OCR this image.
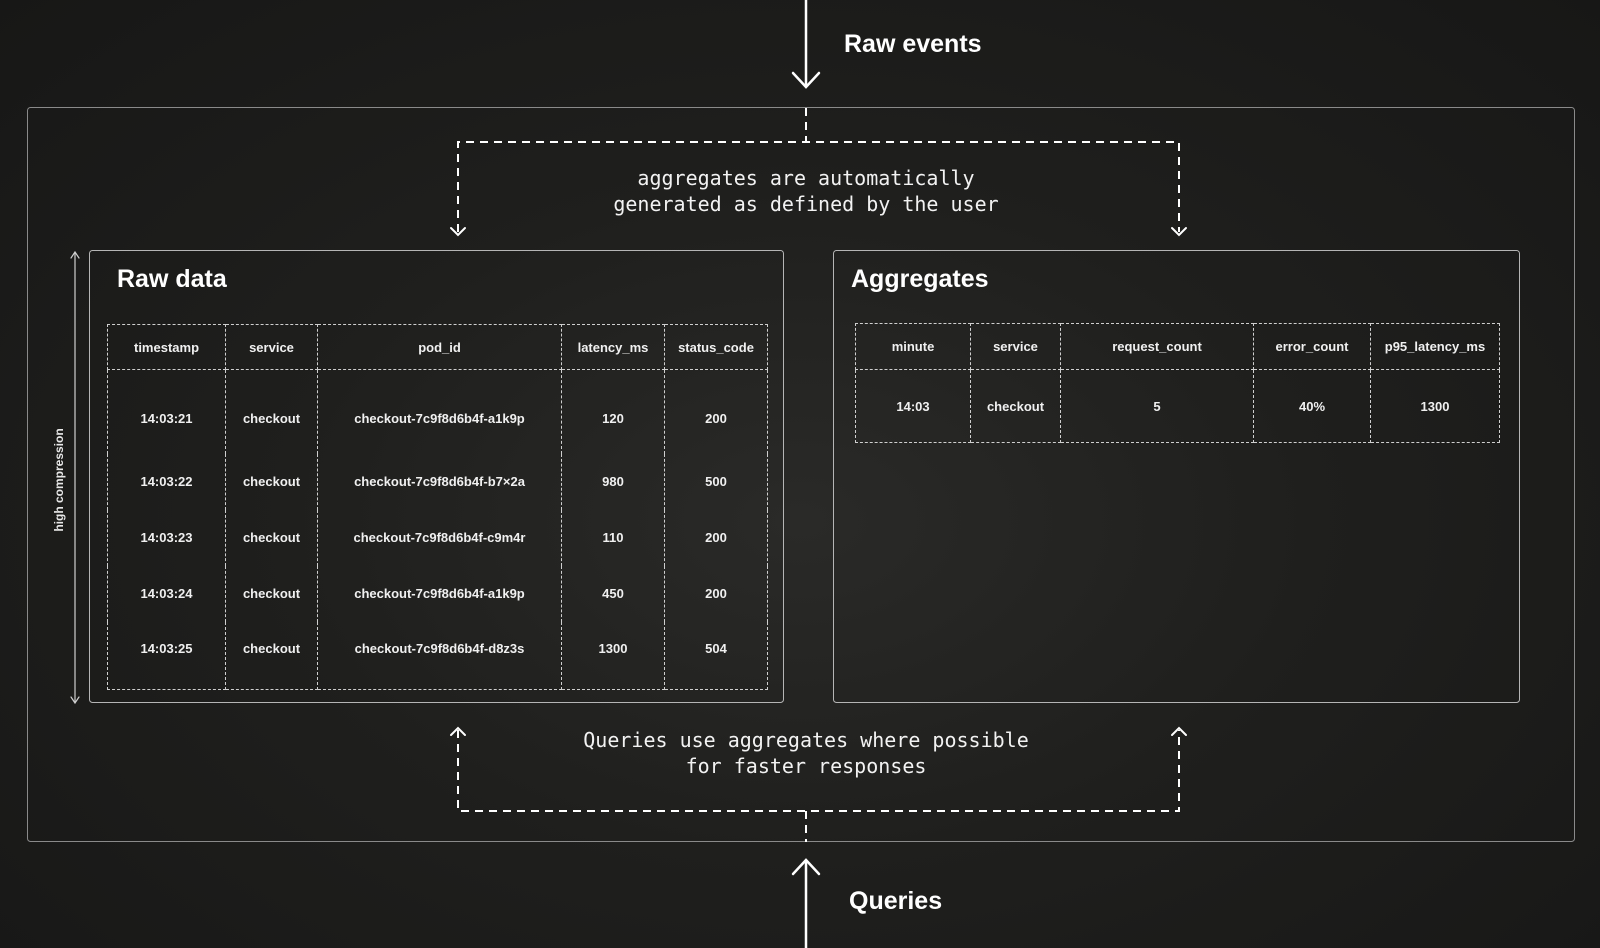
Raw events
Queries
aggregates are automatically
generated as defined by the user
Queries use aggregates where possible
for faster responses
high compression
Raw data	Aggregates
timestamp	service	pod_id	latency_ms	status_code
14:03:21	checkout	checkout-7c9f8d6b4f-a1k9p	120	200
14:03:22	checkout	checkout-7c9f8d6b4f-b7×2a	980	500
14:03:23	checkout	checkout-7c9f8d6b4f-c9m4r	110	200
14:03:24	checkout	checkout-7c9f8d6b4f-a1k9p	450	200
14:03:25	checkout	checkout-7c9f8d6b4f-d8z3s	1300	504
minute	service	request_count	error_count	p95_latency_ms
14:03	checkout	5	40%	1300
